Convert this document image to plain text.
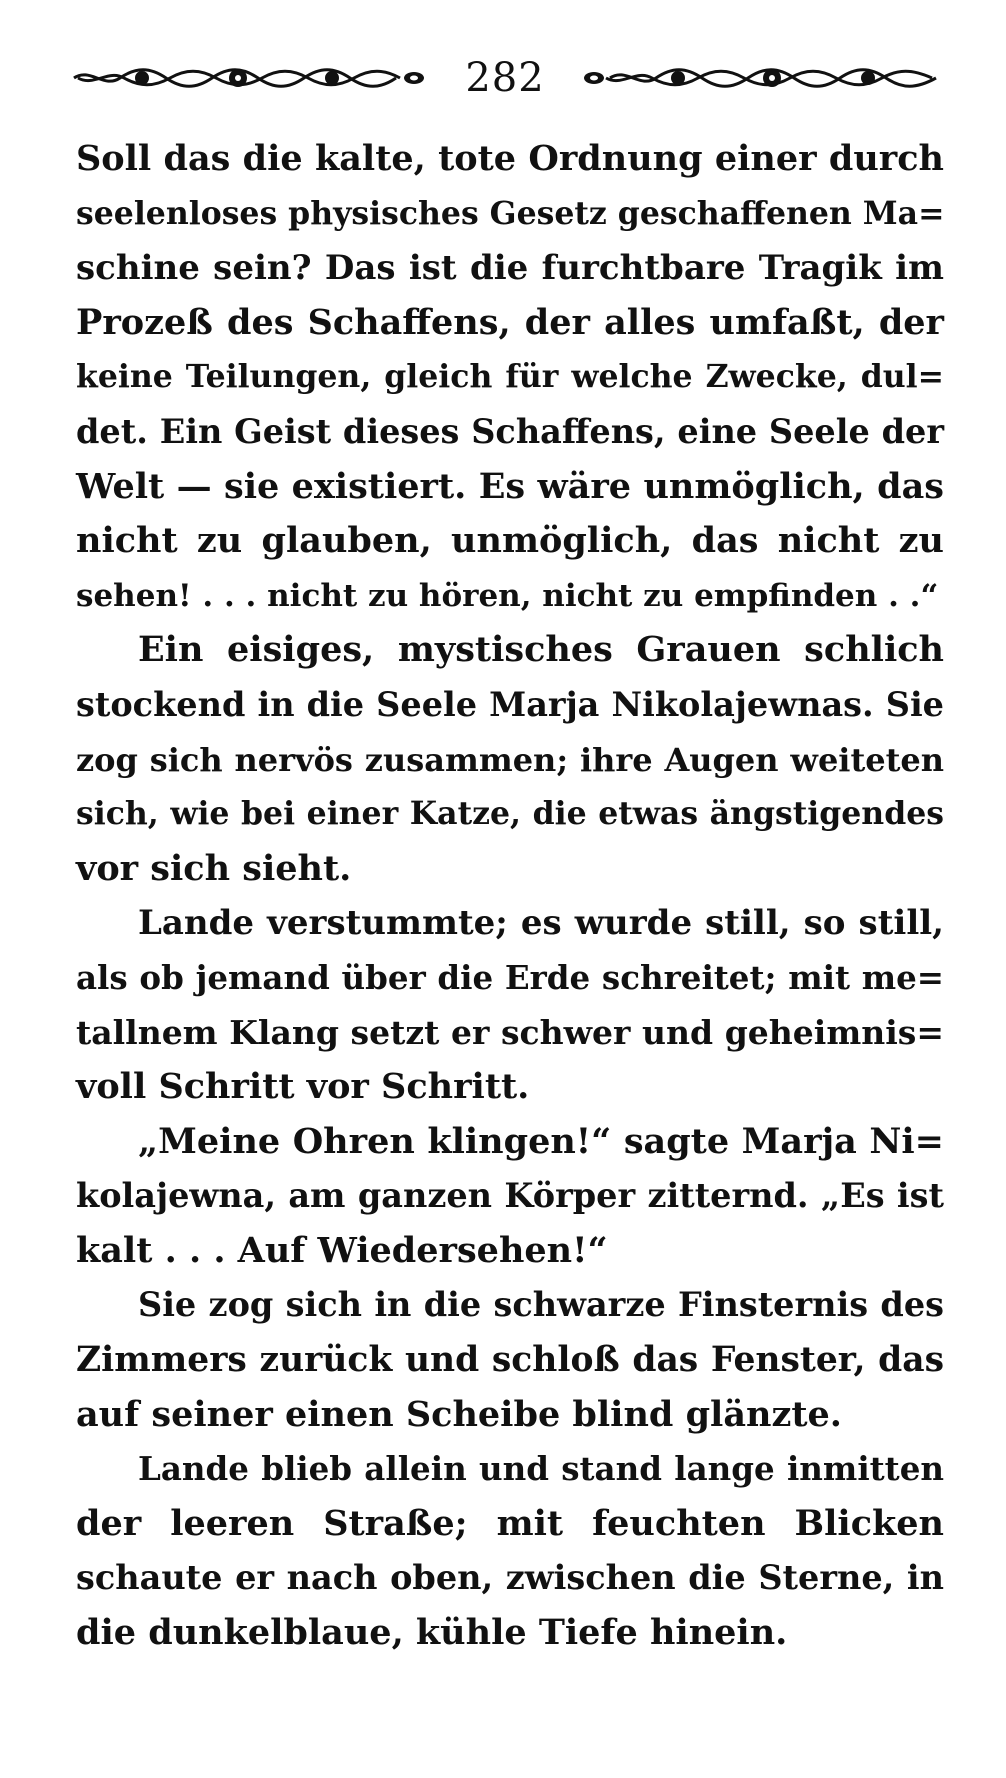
282
Soll das die kalte, tote Ordnung einer durch
seelenloses physisches Gesetz geschaffenen Ma=
schine sein? Das ist die furchtbare Tragik im
Prozeß des Schaffens, der alles umfaßt, der
keine Teilungen, gleich für welche Zwecke, dul=
det. Ein Geist dieses Schaffens, eine Seele der
Welt — sie existiert. Es wäre unmöglich, das
nicht zu glauben, unmöglich, das nicht zu
sehen! . . . nicht zu hören, nicht zu empfinden . .“
Ein eisiges, mystisches Grauen schlich
stockend in die Seele Marja Nikolajewnas. Sie
zog sich nervös zusammen; ihre Augen weiteten
sich, wie bei einer Katze, die etwas ängstigendes
vor sich sieht.
Lande verstummte; es wurde still, so still,
als ob jemand über die Erde schreitet; mit me=
tallnem Klang setzt er schwer und geheimnis=
voll Schritt vor Schritt.
„Meine Ohren klingen!“ sagte Marja Ni=
kolajewna, am ganzen Körper zitternd. „Es ist
kalt . . . Auf Wiedersehen!“
Sie zog sich in die schwarze Finsternis des
Zimmers zurück und schloß das Fenster, das
auf seiner einen Scheibe blind glänzte.
Lande blieb allein und stand lange inmitten
der leeren Straße; mit feuchten Blicken
schaute er nach oben, zwischen die Sterne, in
die dunkelblaue, kühle Tiefe hinein.
